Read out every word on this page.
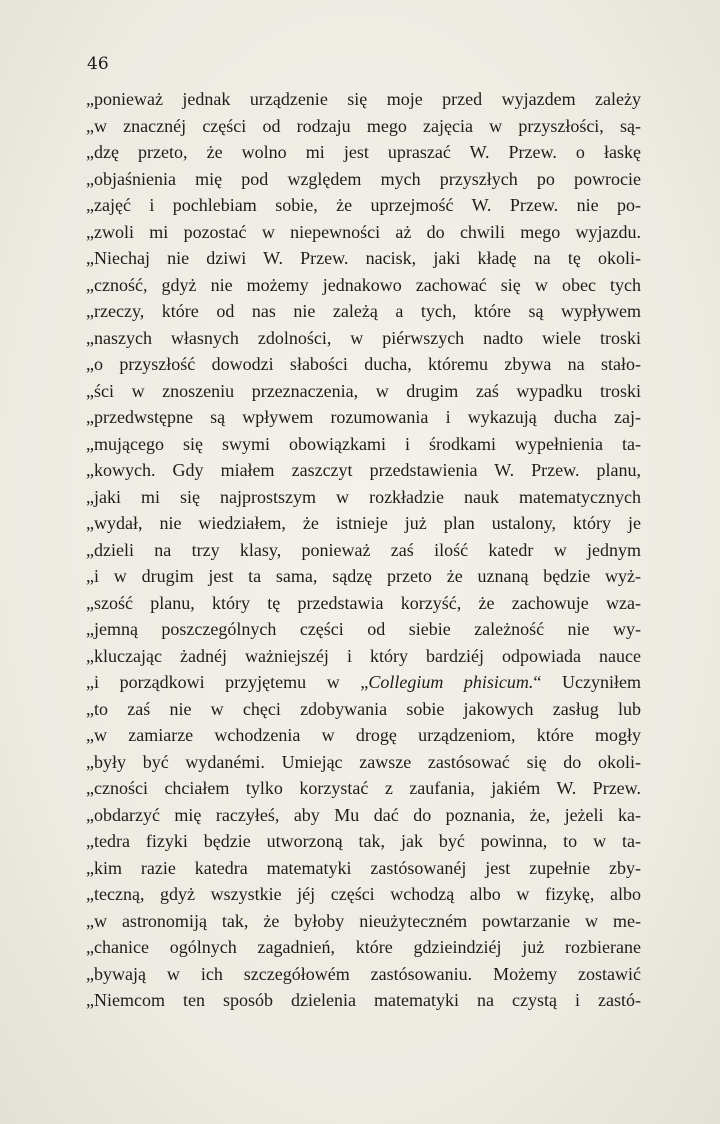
46
„ponieważ jednak urządzenie się moje przed wyjazdem zależy
„w znacznéj części od rodzaju mego zajęcia w przyszłości, są-
„dzę przeto, że wolno mi jest upraszać W. Przew. o łaskę
„objaśnienia mię pod względem mych przyszłych po powrocie
„zajęć i pochlebiam sobie, że uprzejmość W. Przew. nie po-
„zwoli mi pozostać w niepewności aż do chwili mego wyjazdu.
„Niechaj nie dziwi W. Przew. nacisk, jaki kładę na tę okoli-
„czność, gdyż nie możemy jednakowo zachować się w obec tych
„rzeczy, które od nas nie zależą a tych, które są wypływem
„naszych własnych zdolności, w piérwszych nadto wiele troski
„o przyszłość dowodzi słabości ducha, któremu zbywa na stało-
„ści w znoszeniu przeznaczenia, w drugim zaś wypadku troski
„przedwstępne są wpływem rozumowania i wykazują ducha zaj-
„mującego się swymi obowiązkami i środkami wypełnienia ta-
„kowych. Gdy miałem zaszczyt przedstawienia W. Przew. planu,
„jaki mi się najprostszym w rozkładzie nauk matematycznych
„wydał, nie wiedziałem, że istnieje już plan ustalony, który je
„dzieli na trzy klasy, ponieważ zaś ilość katedr w jednym
„i w drugim jest ta sama, sądzę przeto że uznaną będzie wyż-
„szość planu, który tę przedstawia korzyść, że zachowuje wza-
„jemną poszczególnych części od siebie zależność nie wy-
„kluczając żadnéj ważniejszéj i który bardziéj odpowiada nauce
„i porządkowi przyjętemu w „Collegium phisicum.“ Uczyniłem
„to zaś nie w chęci zdobywania sobie jakowych zasług lub
„w zamiarze wchodzenia w drogę urządzeniom, które mogły
„były być wydanémi. Umiejąc zawsze zastósować się do okoli-
„czności chciałem tylko korzystać z zaufania, jakiém W. Przew.
„obdarzyć mię raczyłeś, aby Mu dać do poznania, że, jeżeli ka-
„tedra fizyki będzie utworzoną tak, jak być powinna, to w ta-
„kim razie katedra matematyki zastósowanéj jest zupełnie zby-
„teczną, gdyż wszystkie jéj części wchodzą albo w fizykę, albo
„w astronomiją tak, że byłoby nieużyteczném powtarzanie w me-
„chanice ogólnych zagadnień, które gdzieindziéj już rozbierane
„bywają w ich szczegółowém zastósowaniu. Możemy zostawić
„Niemcom ten sposób dzielenia matematyki na czystą i zastó-
